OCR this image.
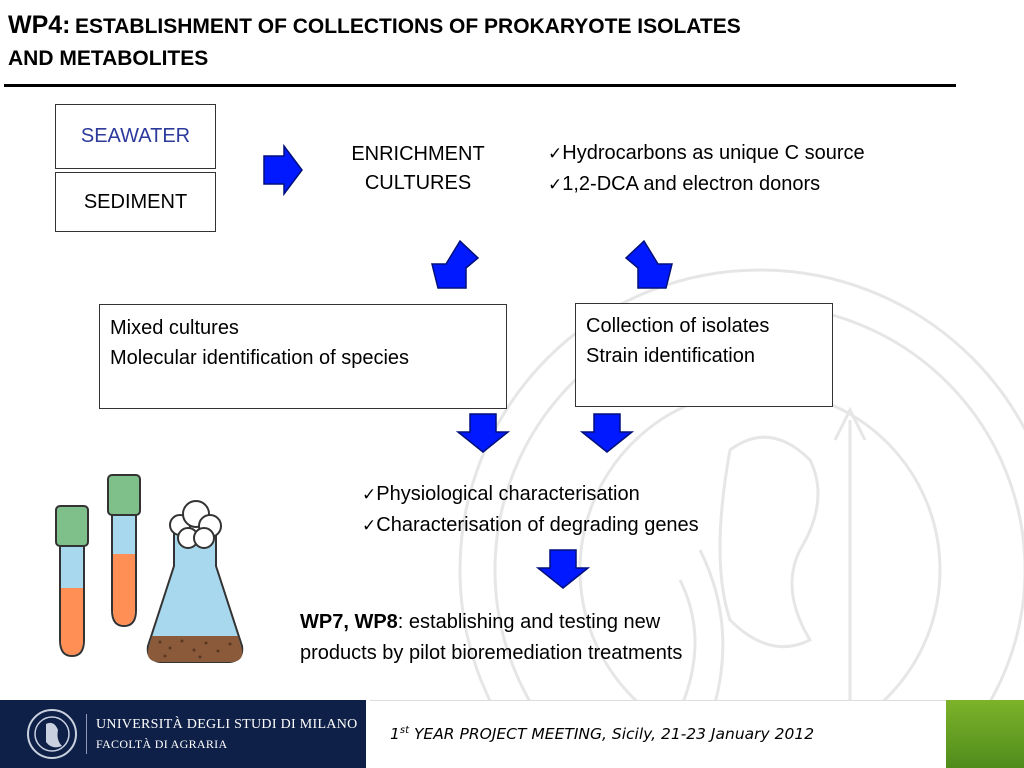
WP4: ESTABLISHMENT OF COLLECTIONS OF PROKARYOTE ISOLATES
AND METABOLITES
SEAWATER
SEDIMENT
ENRICHMENT
CULTURES
✓Hydrocarbons as unique C source
✓1,2-DCA and electron donors
Mixed cultures
Molecular identification of species
Collection of isolates
Strain identification
✓Physiological characterisation
✓Characterisation of degrading genes
WP7, WP8: establishing and testing new
products by pilot bioremediation treatments
UNIVERSITÀ DEGLI STUDI DI MILANO
FACOLTÀ DI AGRARIA
1st YEAR PROJECT MEETING, Sicily, 21-23 January 2012
